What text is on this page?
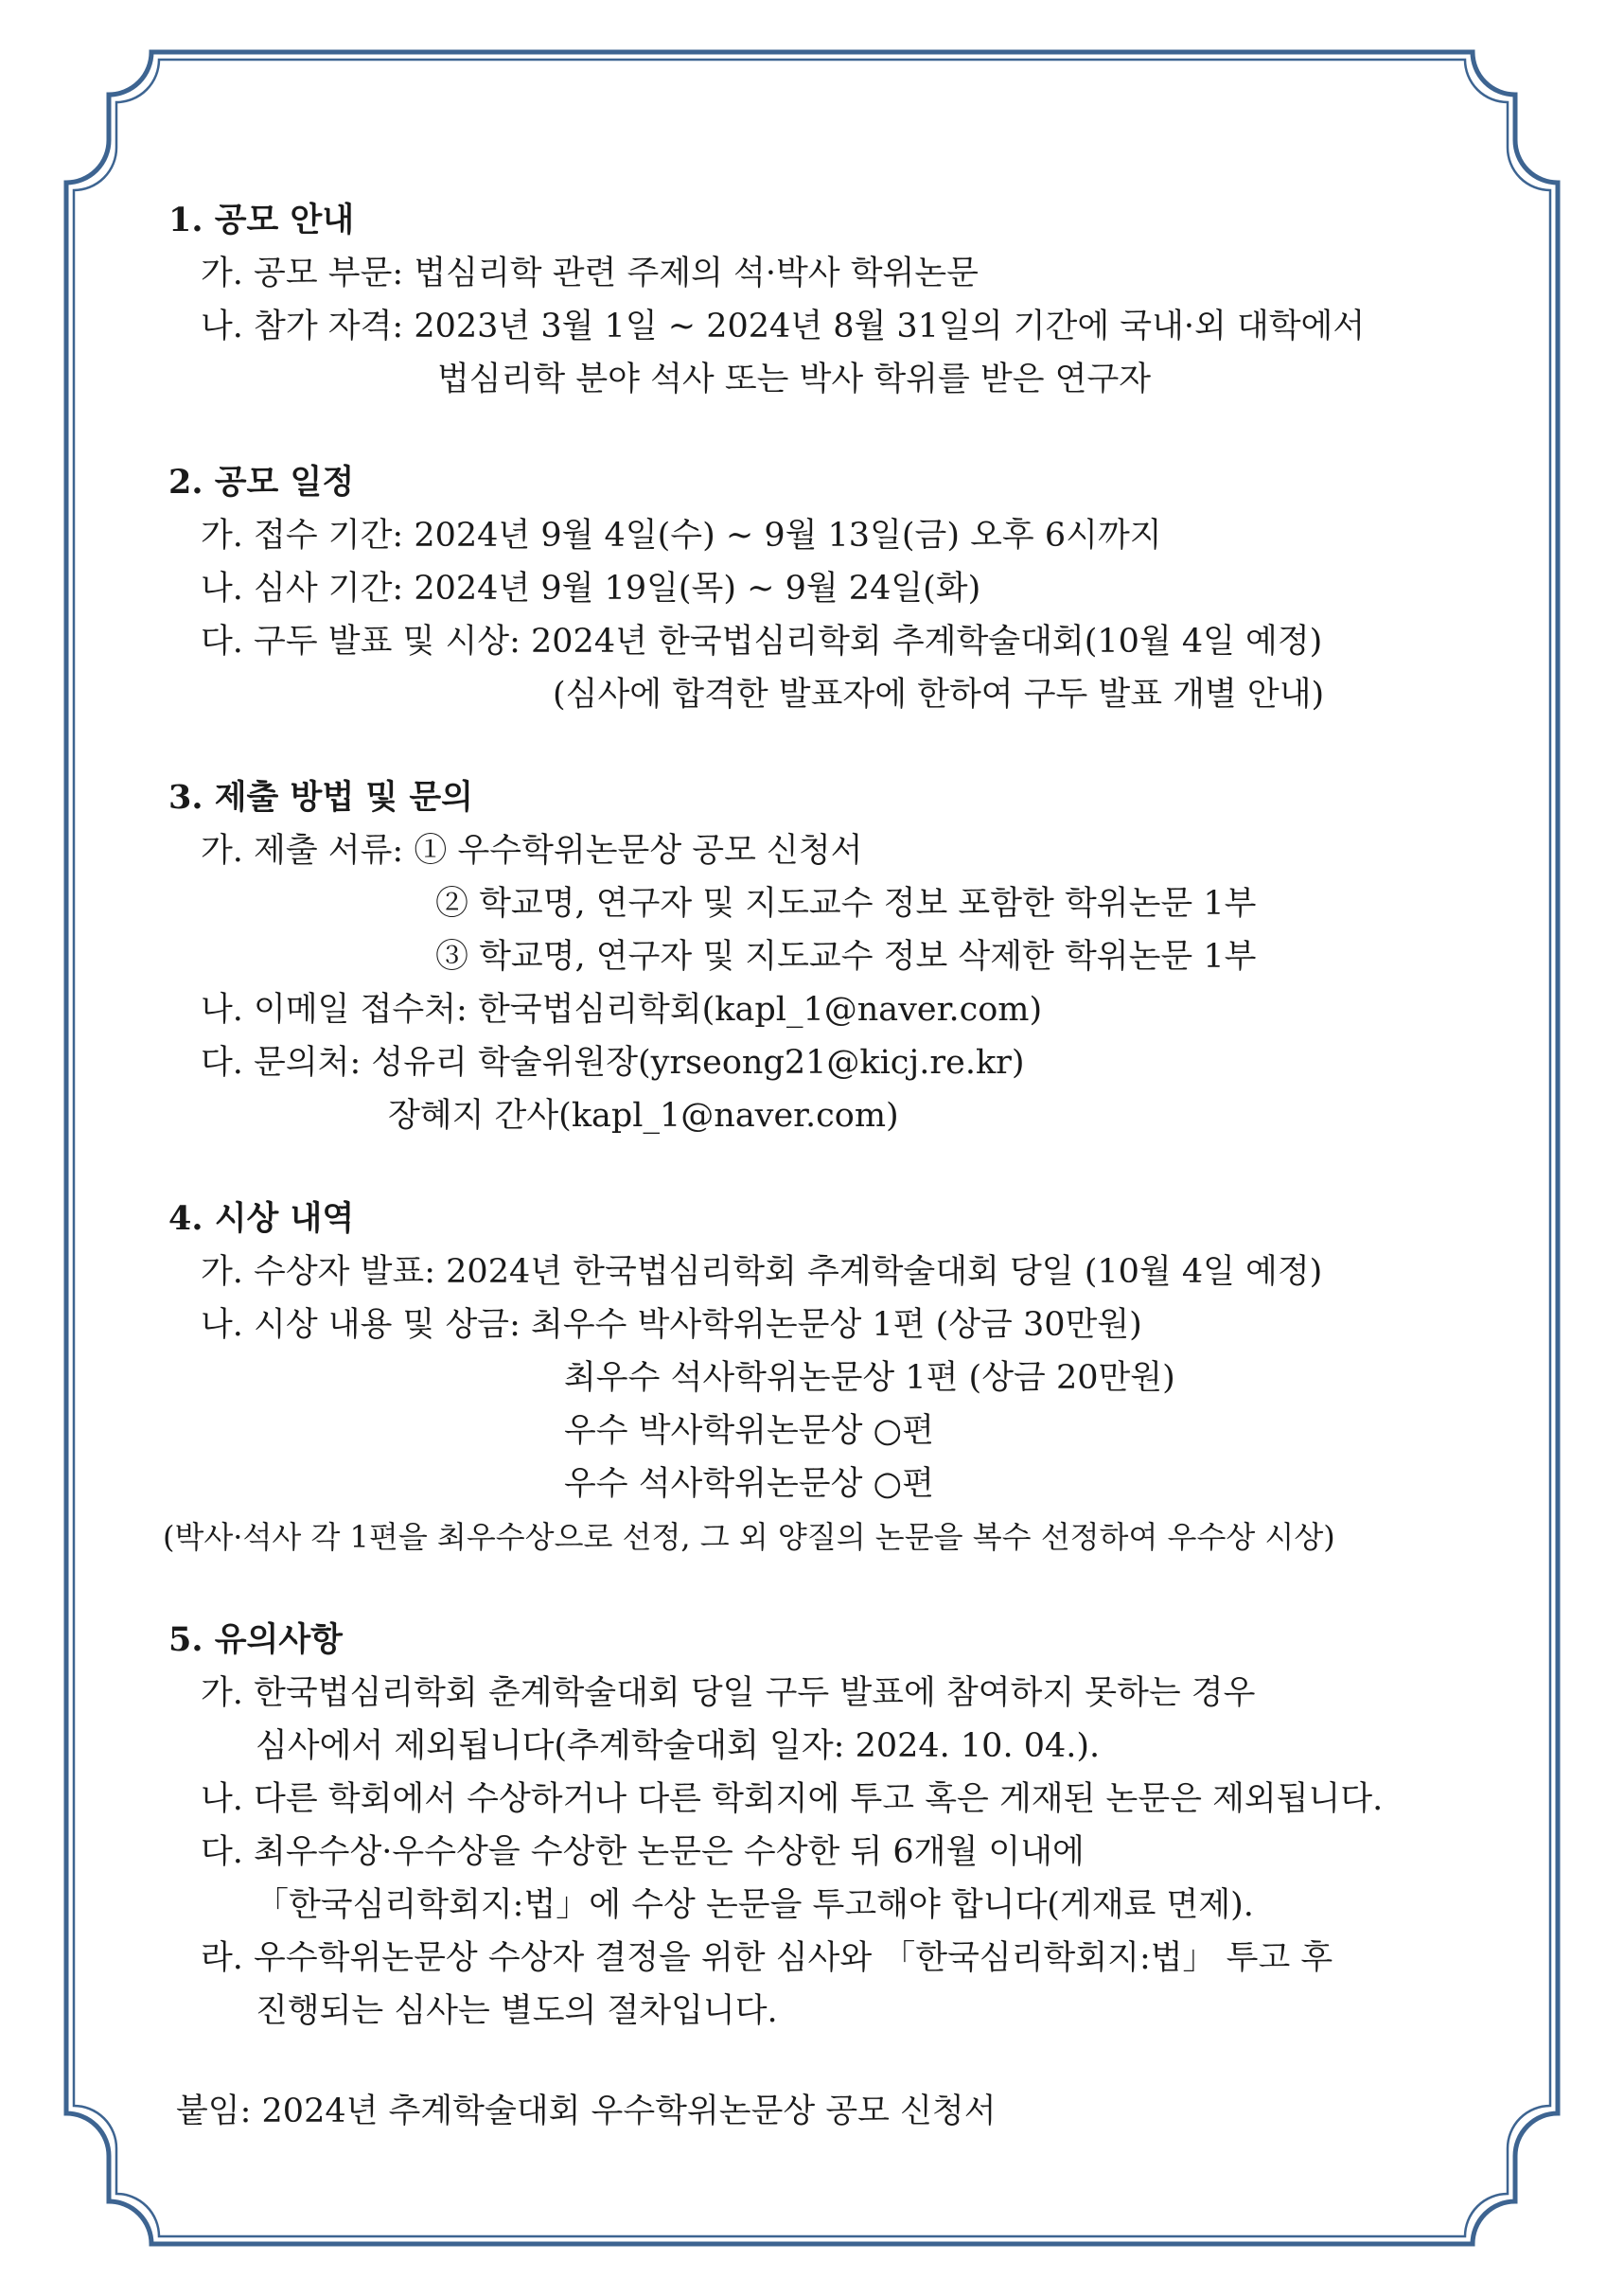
1. 공모 안내
가. 공모 부문: 법심리학 관련 주제의 석·박사 학위논문
나. 참가 자격: 2023년 3월 1일 ~ 2024년 8월 31일의 기간에 국내·외 대학에서
법심리학 분야 석사 또는 박사 학위를 받은 연구자
2. 공모 일정
가. 접수 기간: 2024년 9월 4일(수) ~ 9월 13일(금) 오후 6시까지
나. 심사 기간: 2024년 9월 19일(목) ~ 9월 24일(화)
다. 구두 발표 및 시상: 2024년 한국법심리학회 추계학술대회(10월 4일 예정)
(심사에 합격한 발표자에 한하여 구두 발표 개별 안내)
3. 제출 방법 및 문의
가. 제출 서류: ① 우수학위논문상 공모 신청서
② 학교명, 연구자 및 지도교수 정보 포함한 학위논문 1부
③ 학교명, 연구자 및 지도교수 정보 삭제한 학위논문 1부
나. 이메일 접수처: 한국법심리학회(kapl_1@naver.com)
다. 문의처: 성유리 학술위원장(yrseong21@kicj.re.kr)
장혜지 간사(kapl_1@naver.com)
4. 시상 내역
가. 수상자 발표: 2024년 한국법심리학회 추계학술대회 당일 (10월 4일 예정)
나. 시상 내용 및 상금: 최우수 박사학위논문상 1편 (상금 30만원)
최우수 석사학위논문상 1편 (상금 20만원)
우수 박사학위논문상 ○편
우수 석사학위논문상 ○편
(박사·석사 각 1편을 최우수상으로 선정, 그 외 양질의 논문을 복수 선정하여 우수상 시상)
5. 유의사항
가. 한국법심리학회 춘계학술대회 당일 구두 발표에 참여하지 못하는 경우
심사에서 제외됩니다(추계학술대회 일자: 2024. 10. 04.).
나. 다른 학회에서 수상하거나 다른 학회지에 투고 혹은 게재된 논문은 제외됩니다.
다. 최우수상·우수상을 수상한 논문은 수상한 뒤 6개월 이내에
「한국심리학회지:법」에 수상 논문을 투고해야 합니다(게재료 면제).
라. 우수학위논문상 수상자 결정을 위한 심사와 「한국심리학회지:법」 투고 후
진행되는 심사는 별도의 절차입니다.
붙임: 2024년 추계학술대회 우수학위논문상 공모 신청서
